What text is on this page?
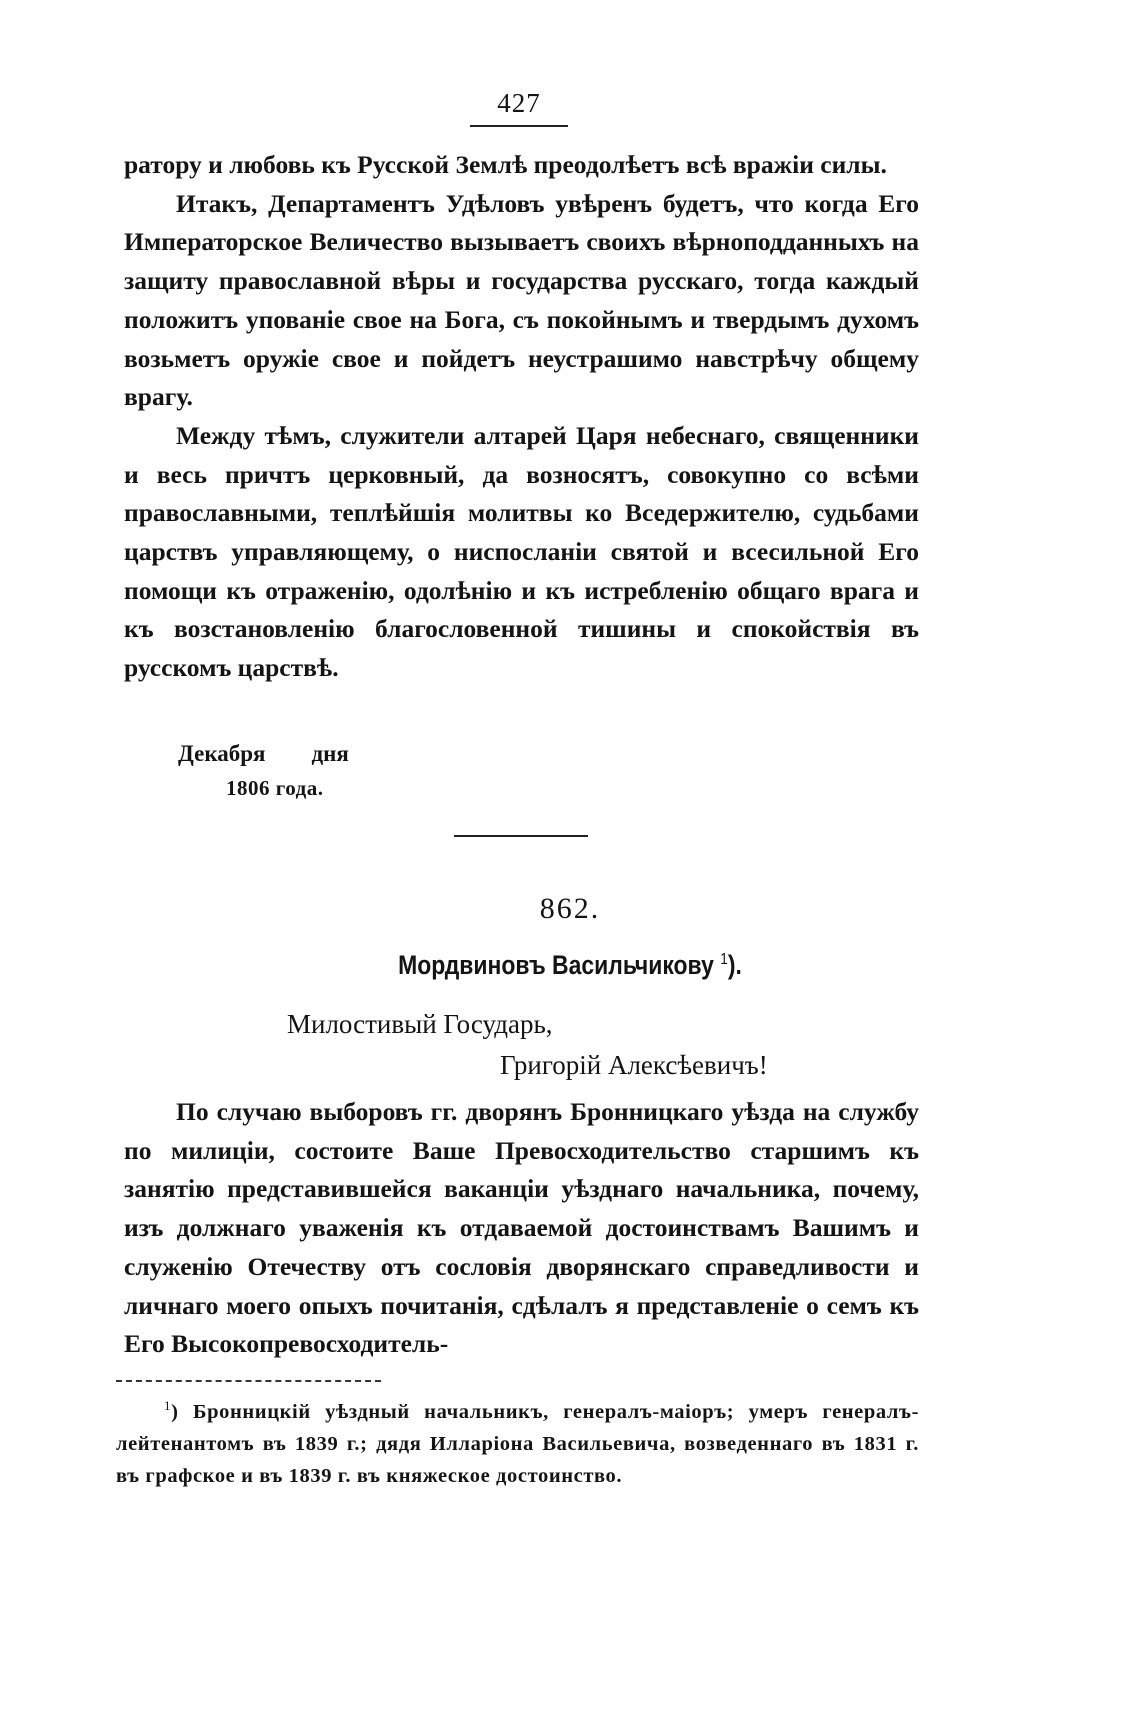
427

ратору и любовь къ Русской Землѣ преодолѣетъ всѣ вражіи силы.

Итакъ, Департаментъ Удѣловъ увѣренъ будетъ, что когда Его Императорское Величество вызываетъ своихъ вѣрноподданныхъ на защиту православной вѣры и государства русскаго, тогда каждый положитъ упованіе свое на Бога, съ покойнымъ и твердымъ духомъ возьметъ оружіе свое и пойдетъ неустрашимо навстрѣчу общему врагу.

Между тѣмъ, служители алтарей Царя небеснаго, священники и весь причтъ церковный, да возносятъ, совокупно со всѣми православными, теплѣйшія молитвы ко Вседержителю, судьбами царствъ управляющему, о ниспосланіи святой и всесильной Его помощи къ отраженію, одолѣнію и къ истребленію общаго врага и къ возстановленію благословенной тишины и спокойствія въ русскомъ царствѣ.

Декабря дня
1806 года.
862.
Мордвиновъ Васильчикову $^1$).
Милостивый Государь,
Григорій Алексѣевичъ!

По случаю выборовъ гг. дворянъ Бронницкаго уѣзда на службу по милиціи, состоите Ваше Превосходительство старшимъ къ занятію представившейся ваканціи уѣзднаго начальника, почему, изъ должнаго уваженія къ отдаваемой достоинствамъ Вашимъ и служенію Отечеству отъ сословія дворянскаго справедливости и личнаго моего опыхъ почитанія, сдѣлалъ я представленіе о семъ къ Его Высокопревосходитель-

$^1$) Бронницкій уѣздный начальникъ, генералъ-маіоръ; умеръ генералъ-лейтенантомъ въ 1839 г.; дядя Илларіона Васильевича, возведеннаго въ 1831 г. въ графское и въ 1839 г. въ княжеское достоинство.
